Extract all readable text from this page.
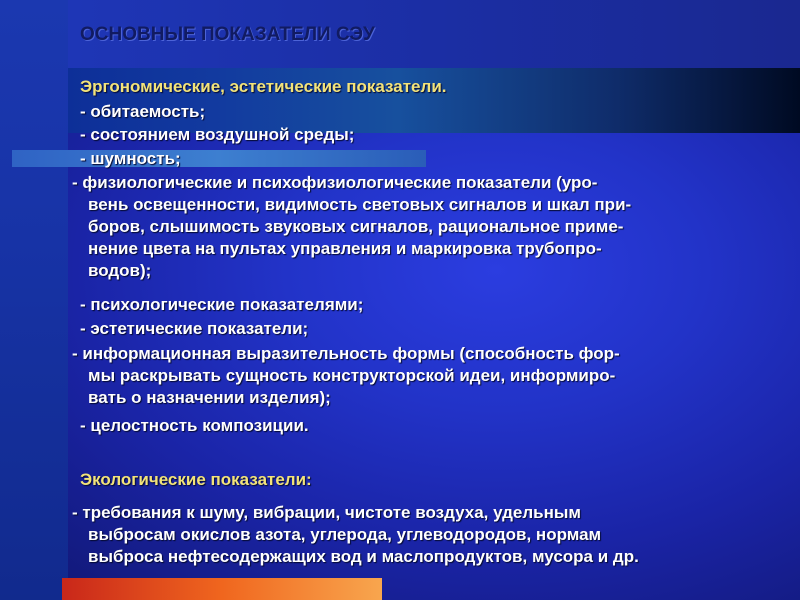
ОСНОВНЫЕ ПОКАЗАТЕЛИ СЭУ
Эргономические, эстетические показатели.
- обитаемость;
- состоянием воздушной среды;
- шумность;
- физиологические и психофизиологические показатели (уро-
вень освещенности, видимость световых сигналов и шкал при-
боров, слышимость звуковых сигналов, рациональное приме-
нение цвета на пультах управления и маркировка трубопро-
водов);
- психологические показателями;
- эстетические показатели;
- информационная выразительность формы (способность фор-
мы раскрывать сущность конструкторской идеи, информиро-
вать о назначении изделия);
- целостность композиции.
Экологические показатели:
- требования к шуму, вибрации, чистоте воздуха, удельным
выбросам окислов азота, углерода, углеводородов, нормам
выброса нефтесодержащих вод и маслопродуктов, мусора и др.
